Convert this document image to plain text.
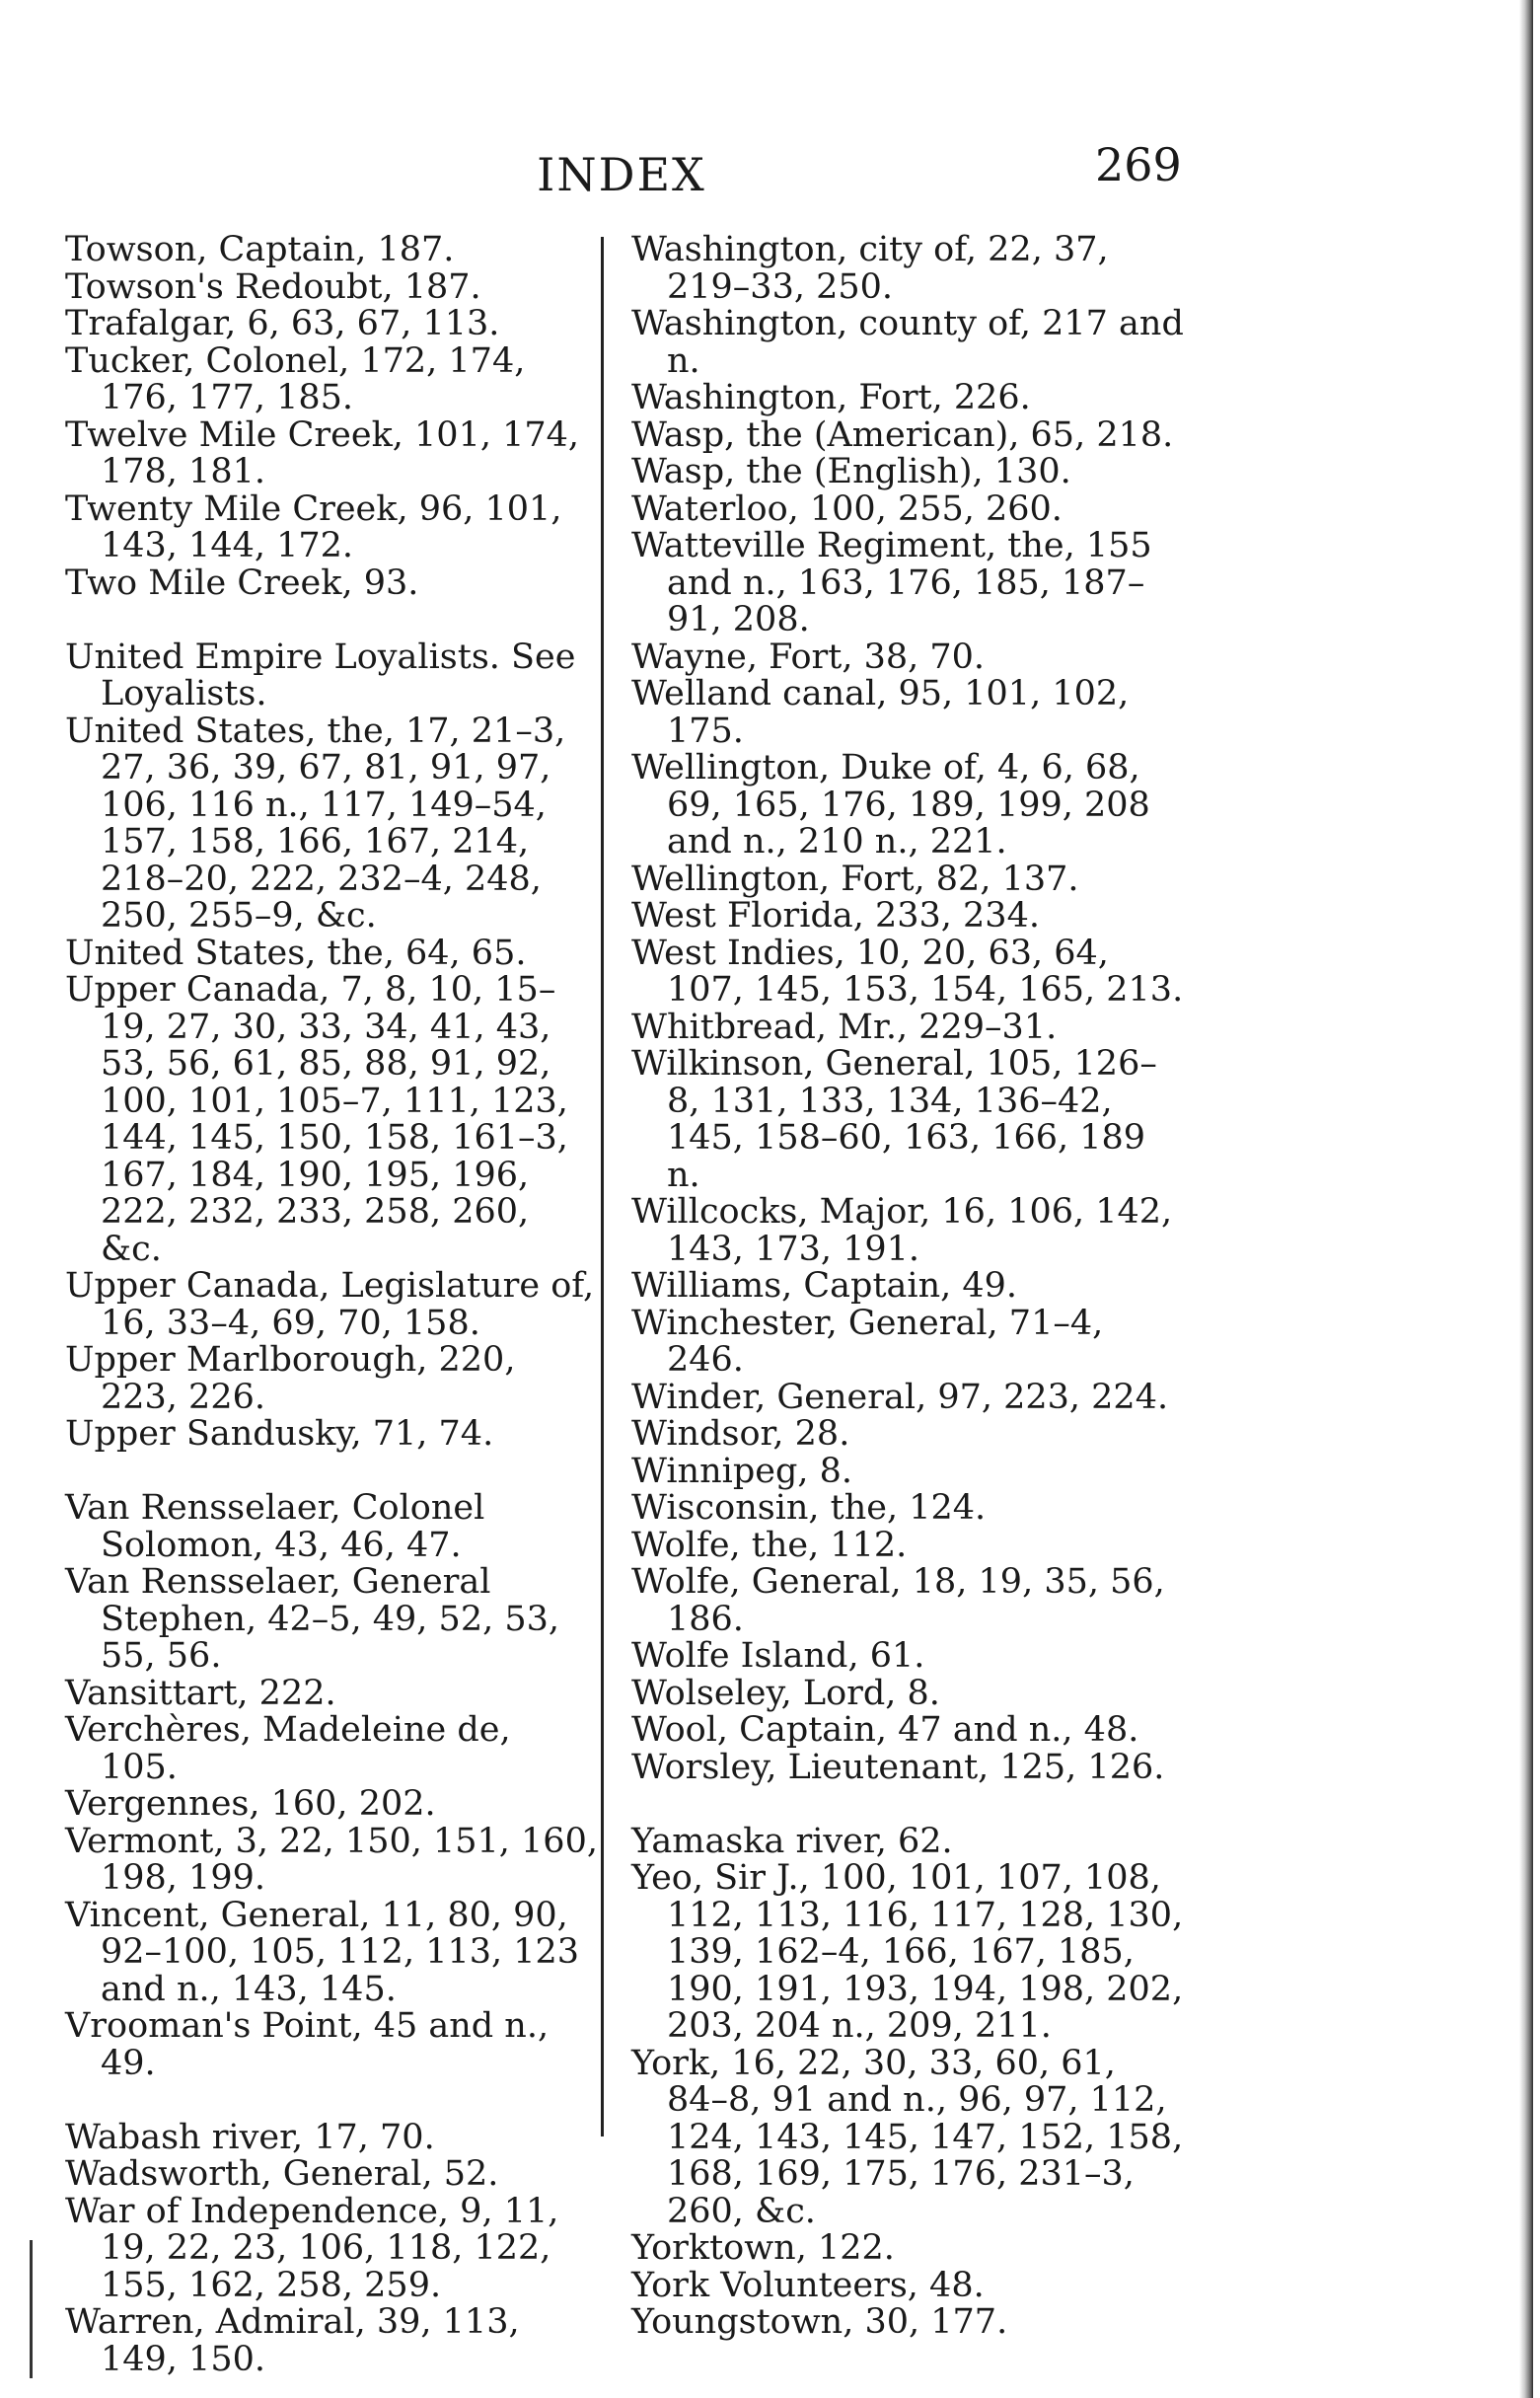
INDEX	269
Towson, Captain, 187.
Towson's Redoubt, 187.
Trafalgar, 6, 63, 67, 113.
Tucker, Colonel, 172, 174, 176, 177, 185.
Twelve Mile Creek, 101, 174, 178, 181.
Twenty Mile Creek, 96, 101, 143, 144, 172.
Two Mile Creek, 93.
United Empire Loyalists. See Loyalists.
United States, the, 17, 21–3, 27, 36, 39, 67, 81, 91, 97, 106, 116 n., 117, 149–54, 157, 158, 166, 167, 214, 218–20, 222, 232–4, 248, 250, 255–9, &c.
United States, the, 64, 65.
Upper Canada, 7, 8, 10, 15–19, 27, 30, 33, 34, 41, 43, 53, 56, 61, 85, 88, 91, 92, 100, 101, 105–7, 111, 123, 144, 145, 150, 158, 161–3, 167, 184, 190, 195, 196, 222, 232, 233, 258, 260, &c.
Upper Canada, Legislature of, 16, 33–4, 69, 70, 158.
Upper Marlborough, 220, 223, 226.
Upper Sandusky, 71, 74.
Van Rensselaer, Colonel Solomon, 43, 46, 47.
Van Rensselaer, General Stephen, 42–5, 49, 52, 53, 55, 56.
Vansittart, 222.
Verchères, Madeleine de, 105.
Vergennes, 160, 202.
Vermont, 3, 22, 150, 151, 160, 198, 199.
Vincent, General, 11, 80, 90, 92–100, 105, 112, 113, 123 and n., 143, 145.
Vrooman's Point, 45 and n., 49.
Wabash river, 17, 70.
Wadsworth, General, 52.
War of Independence, 9, 11, 19, 22, 23, 106, 118, 122, 155, 162, 258, 259.
Warren, Admiral, 39, 113, 149, 150.
Washington, city of, 22, 37, 219–33, 250.
Washington, county of, 217 and n.
Washington, Fort, 226.
Wasp, the (American), 65, 218.
Wasp, the (English), 130.
Waterloo, 100, 255, 260.
Watteville Regiment, the, 155 and n., 163, 176, 185, 187–91, 208.
Wayne, Fort, 38, 70.
Welland canal, 95, 101, 102, 175.
Wellington, Duke of, 4, 6, 68, 69, 165, 176, 189, 199, 208 and n., 210 n., 221.
Wellington, Fort, 82, 137.
West Florida, 233, 234.
West Indies, 10, 20, 63, 64, 107, 145, 153, 154, 165, 213.
Whitbread, Mr., 229–31.
Wilkinson, General, 105, 126–8, 131, 133, 134, 136–42, 145, 158–60, 163, 166, 189 n.
Willcocks, Major, 16, 106, 142, 143, 173, 191.
Williams, Captain, 49.
Winchester, General, 71–4, 246.
Winder, General, 97, 223, 224.
Windsor, 28.
Winnipeg, 8.
Wisconsin, the, 124.
Wolfe, the, 112.
Wolfe, General, 18, 19, 35, 56, 186.
Wolfe Island, 61.
Wolseley, Lord, 8.
Wool, Captain, 47 and n., 48.
Worsley, Lieutenant, 125, 126.
Yamaska river, 62.
Yeo, Sir J., 100, 101, 107, 108, 112, 113, 116, 117, 128, 130, 139, 162–4, 166, 167, 185, 190, 191, 193, 194, 198, 202, 203, 204 n., 209, 211.
York, 16, 22, 30, 33, 60, 61, 84–8, 91 and n., 96, 97, 112, 124, 143, 145, 147, 152, 158, 168, 169, 175, 176, 231–3, 260, &c.
Yorktown, 122.
York Volunteers, 48.
Youngstown, 30, 177.
